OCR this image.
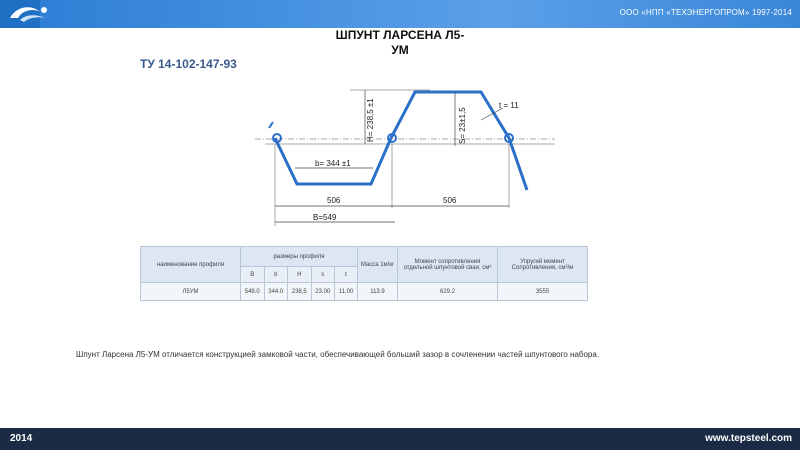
ООО «НПП «ТЕХЭНЕРГОПРОМ» 1997-2014
ШПУНТ ЛАРСЕНА Л5-
УМ
ТУ 14-102-147-93
H= 238,5 ±1	S= 23±1,5
t = 11
b= 344 ±1
506	506
B=549
наименование профиля	размеры профиля					Масса 1м/кг	Момент сопротивления отдельной шпунтовой сваи, см³	Упругий момент Сопротивления, см³/м
	B	b	H	s	t			
Л5УМ	549.0	344.0	238,5	23.00	11.00	113.9	629.2	3555
Шпунт Ларсена Л5-УМ отличается конструкцией замковой части, обеспечивающей больший зазор в сочленении частей шпунтового набора.
2014	www.tepsteel.com
